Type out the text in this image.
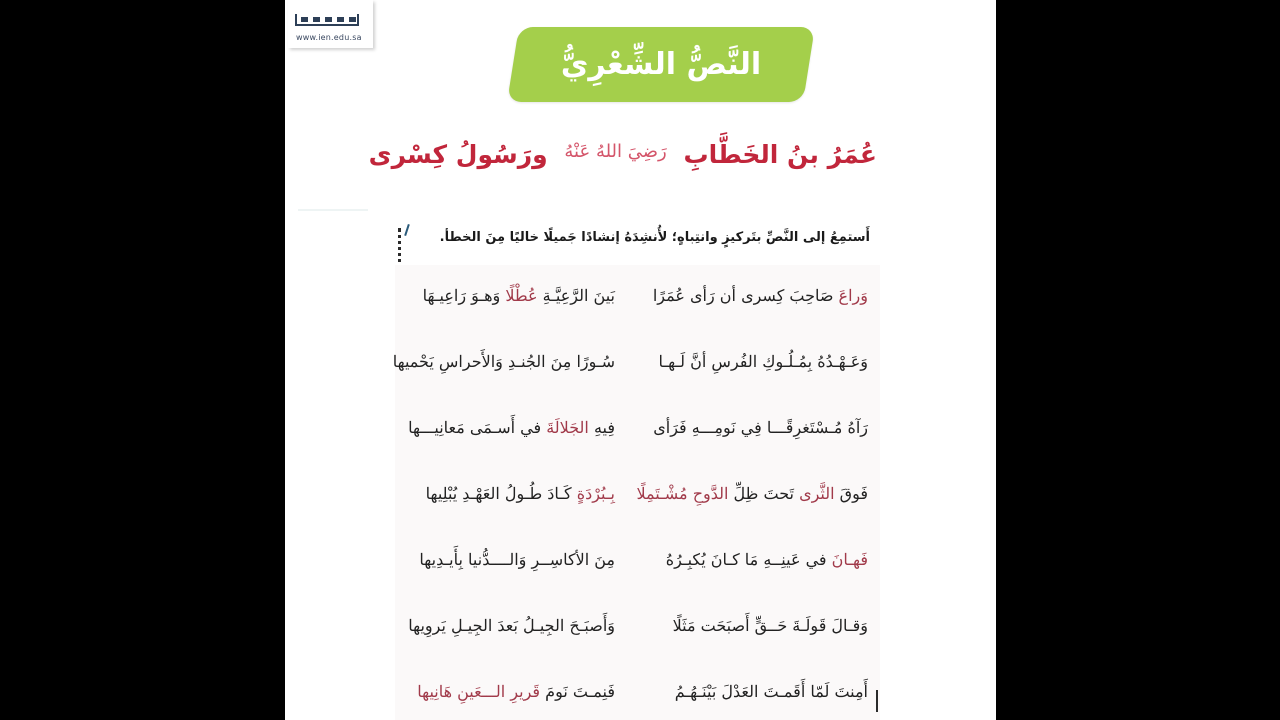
www.ien.edu.sa
النَّصُّ الشِّعْرِيُّ
عُمَرُ بنُ الخَطَّابِ $^{رَضِيَ اللهُ عَنْهُ}$ ورَسُولُ كِسْرى
أَستمِعُ إلى النَّصِّ بتَركيزٍ وانتِباهٍ؛ لأُنشِدَهُ إنشادًا جَميلًا خاليًا مِنَ الخطأ.
وَراعَ صَاحِبَ كِسرى أن رَأى عُمَرًا
بَينَ الرَّعِيَّـةِ عُطْلًا وَهـوَ رَاعِيـهَا
وَعَـهْـدُهُ بِمُـلُـوكِ الفُرسِ أنَّ لَـهـا
سُـورًا مِنَ الجُنـدِ وَالأَحراسِ يَحْميها
رَآهُ مُـسْتَغرِقًـــا فِي نَومِـــهِ فَرَأى
فِيهِ الجَلالَةَ في أَسـمَى مَعانِيـــها
فَوقَ الثَّرى تَحتَ ظِلِّ الدَّوحِ مُشْـتَمِلًا
بِـبُرْدَةٍ كَـادَ طُـولُ العَهْـدِ يُبْلِيها
فَهـانَ في عَينِــهِ مَا كـانَ يُكبِـرُهُ
مِنَ الأكاسِــرِ وَالــــدُّنيا بِأَيـدِيها
وَقـالَ قَولَـةَ حَــقٍّ أَصبَحَت مَثَلًا
وَأَصبَـحَ الجِيـلُ بَعدَ الجِيـلِ يَروِيها
أَمِنتَ لَمّا أَقَمـتَ العَدْلَ بَيْنَـهُـمُ
فَنِمـتَ نَومَ قَريرِ الـــعَينِ هَانِيها
